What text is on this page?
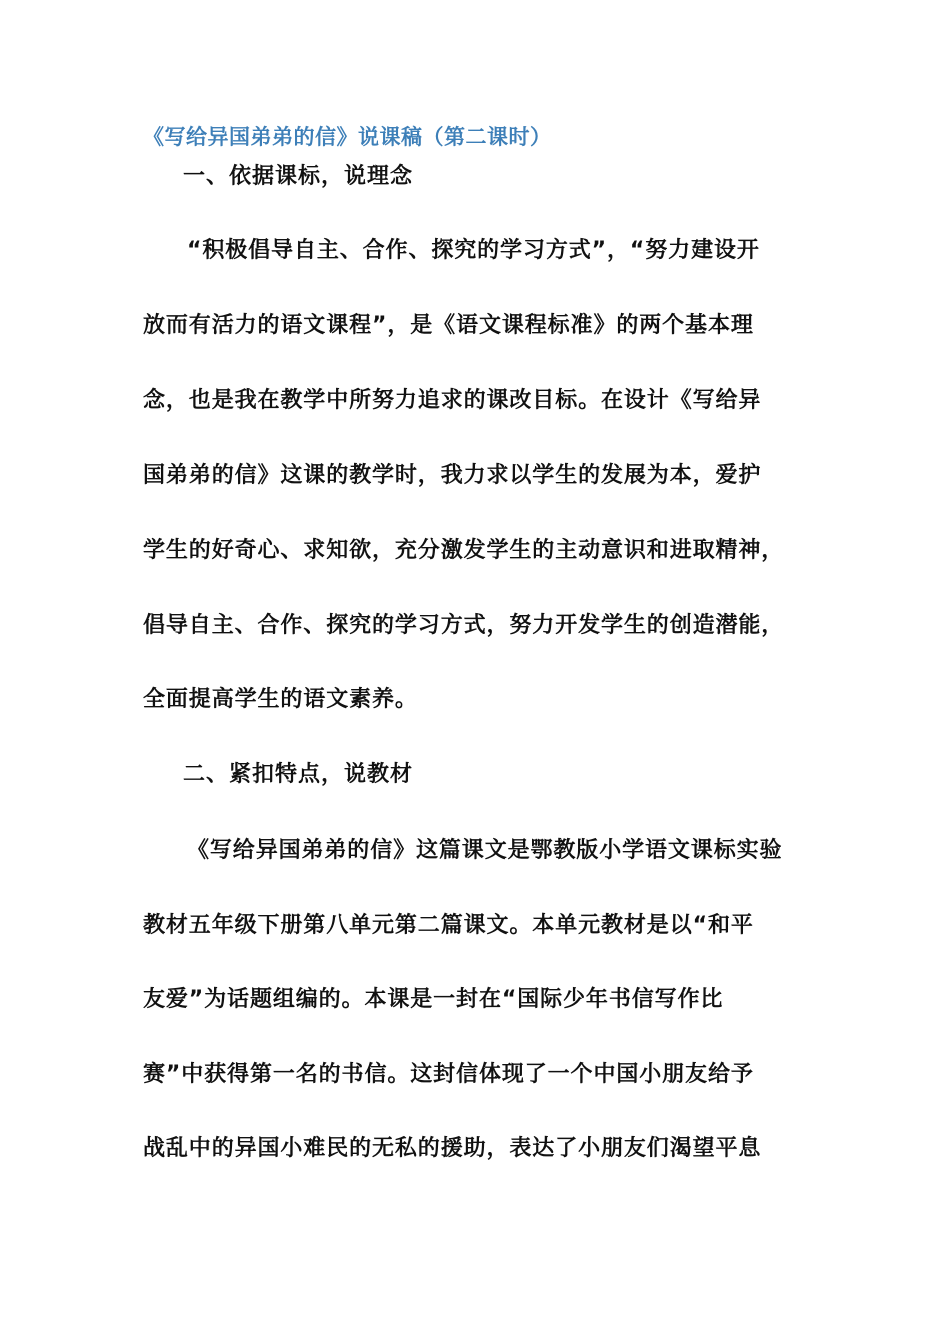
《写给异国弟弟的信》说课稿（第二课时）
一、依据课标，说理念
“积极倡导自主、合作、探究的学习方式”，“努力建设开
放而有活力的语文课程”，是《语文课程标准》的两个基本理
念，也是我在教学中所努力追求的课改目标。在设计《写给异
国弟弟的信》这课的教学时，我力求以学生的发展为本，爱护
学生的好奇心、求知欲，充分激发学生的主动意识和进取精神，
倡导自主、合作、探究的学习方式，努力开发学生的创造潜能，
全面提高学生的语文素养。
二、紧扣特点，说教材
《写给异国弟弟的信》这篇课文是鄂教版小学语文课标实验
教材五年级下册第八单元第二篇课文。本单元教材是以“和平
友爱”为话题组编的。本课是一封在“国际少年书信写作比
赛”中获得第一名的书信。这封信体现了一个中国小朋友给予
战乱中的异国小难民的无私的援助，表达了小朋友们渴望平息
